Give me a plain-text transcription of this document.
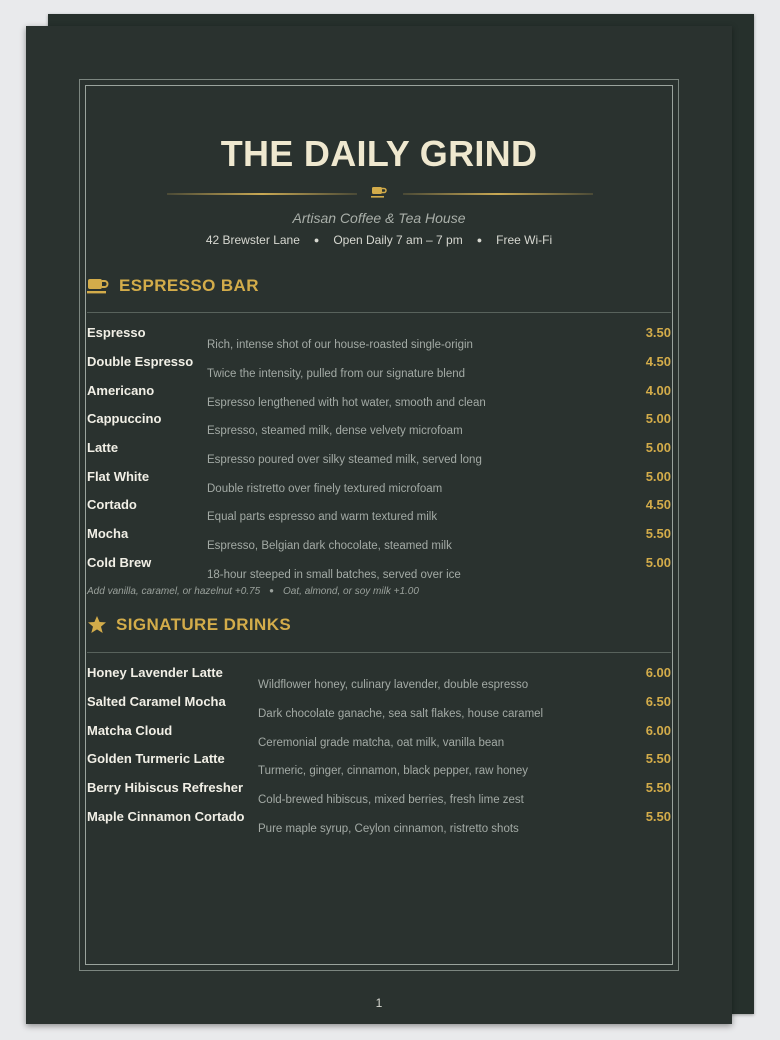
THE DAILY GRIND
Artisan Coffee & Tea House
42 Brewster Lane ● Open Daily 7 am – 7 pm ● Free Wi-Fi
ESPRESSO BAR
Espresso
Rich, intense shot of our house-roasted single-origin
3.50
Double Espresso
Twice the intensity, pulled from our signature blend
4.50
Americano
Espresso lengthened with hot water, smooth and clean
4.00
Cappuccino
Espresso, steamed milk, dense velvety microfoam
5.00
Latte
Espresso poured over silky steamed milk, served long
5.00
Flat White
Double ristretto over finely textured microfoam
5.00
Cortado
Equal parts espresso and warm textured milk
4.50
Mocha
Espresso, Belgian dark chocolate, steamed milk
5.50
Cold Brew
18-hour steeped in small batches, served over ice
5.00
Add vanilla, caramel, or hazelnut +0.75 ● Oat, almond, or soy milk +1.00
SIGNATURE DRINKS
Honey Lavender Latte
Wildflower honey, culinary lavender, double espresso
6.00
Salted Caramel Mocha
Dark chocolate ganache, sea salt flakes, house caramel
6.50
Matcha Cloud
Ceremonial grade matcha, oat milk, vanilla bean
6.00
Golden Turmeric Latte
Turmeric, ginger, cinnamon, black pepper, raw honey
5.50
Berry Hibiscus Refresher
Cold-brewed hibiscus, mixed berries, fresh lime zest
5.50
Maple Cinnamon Cortado
Pure maple syrup, Ceylon cinnamon, ristretto shots
5.50
1
